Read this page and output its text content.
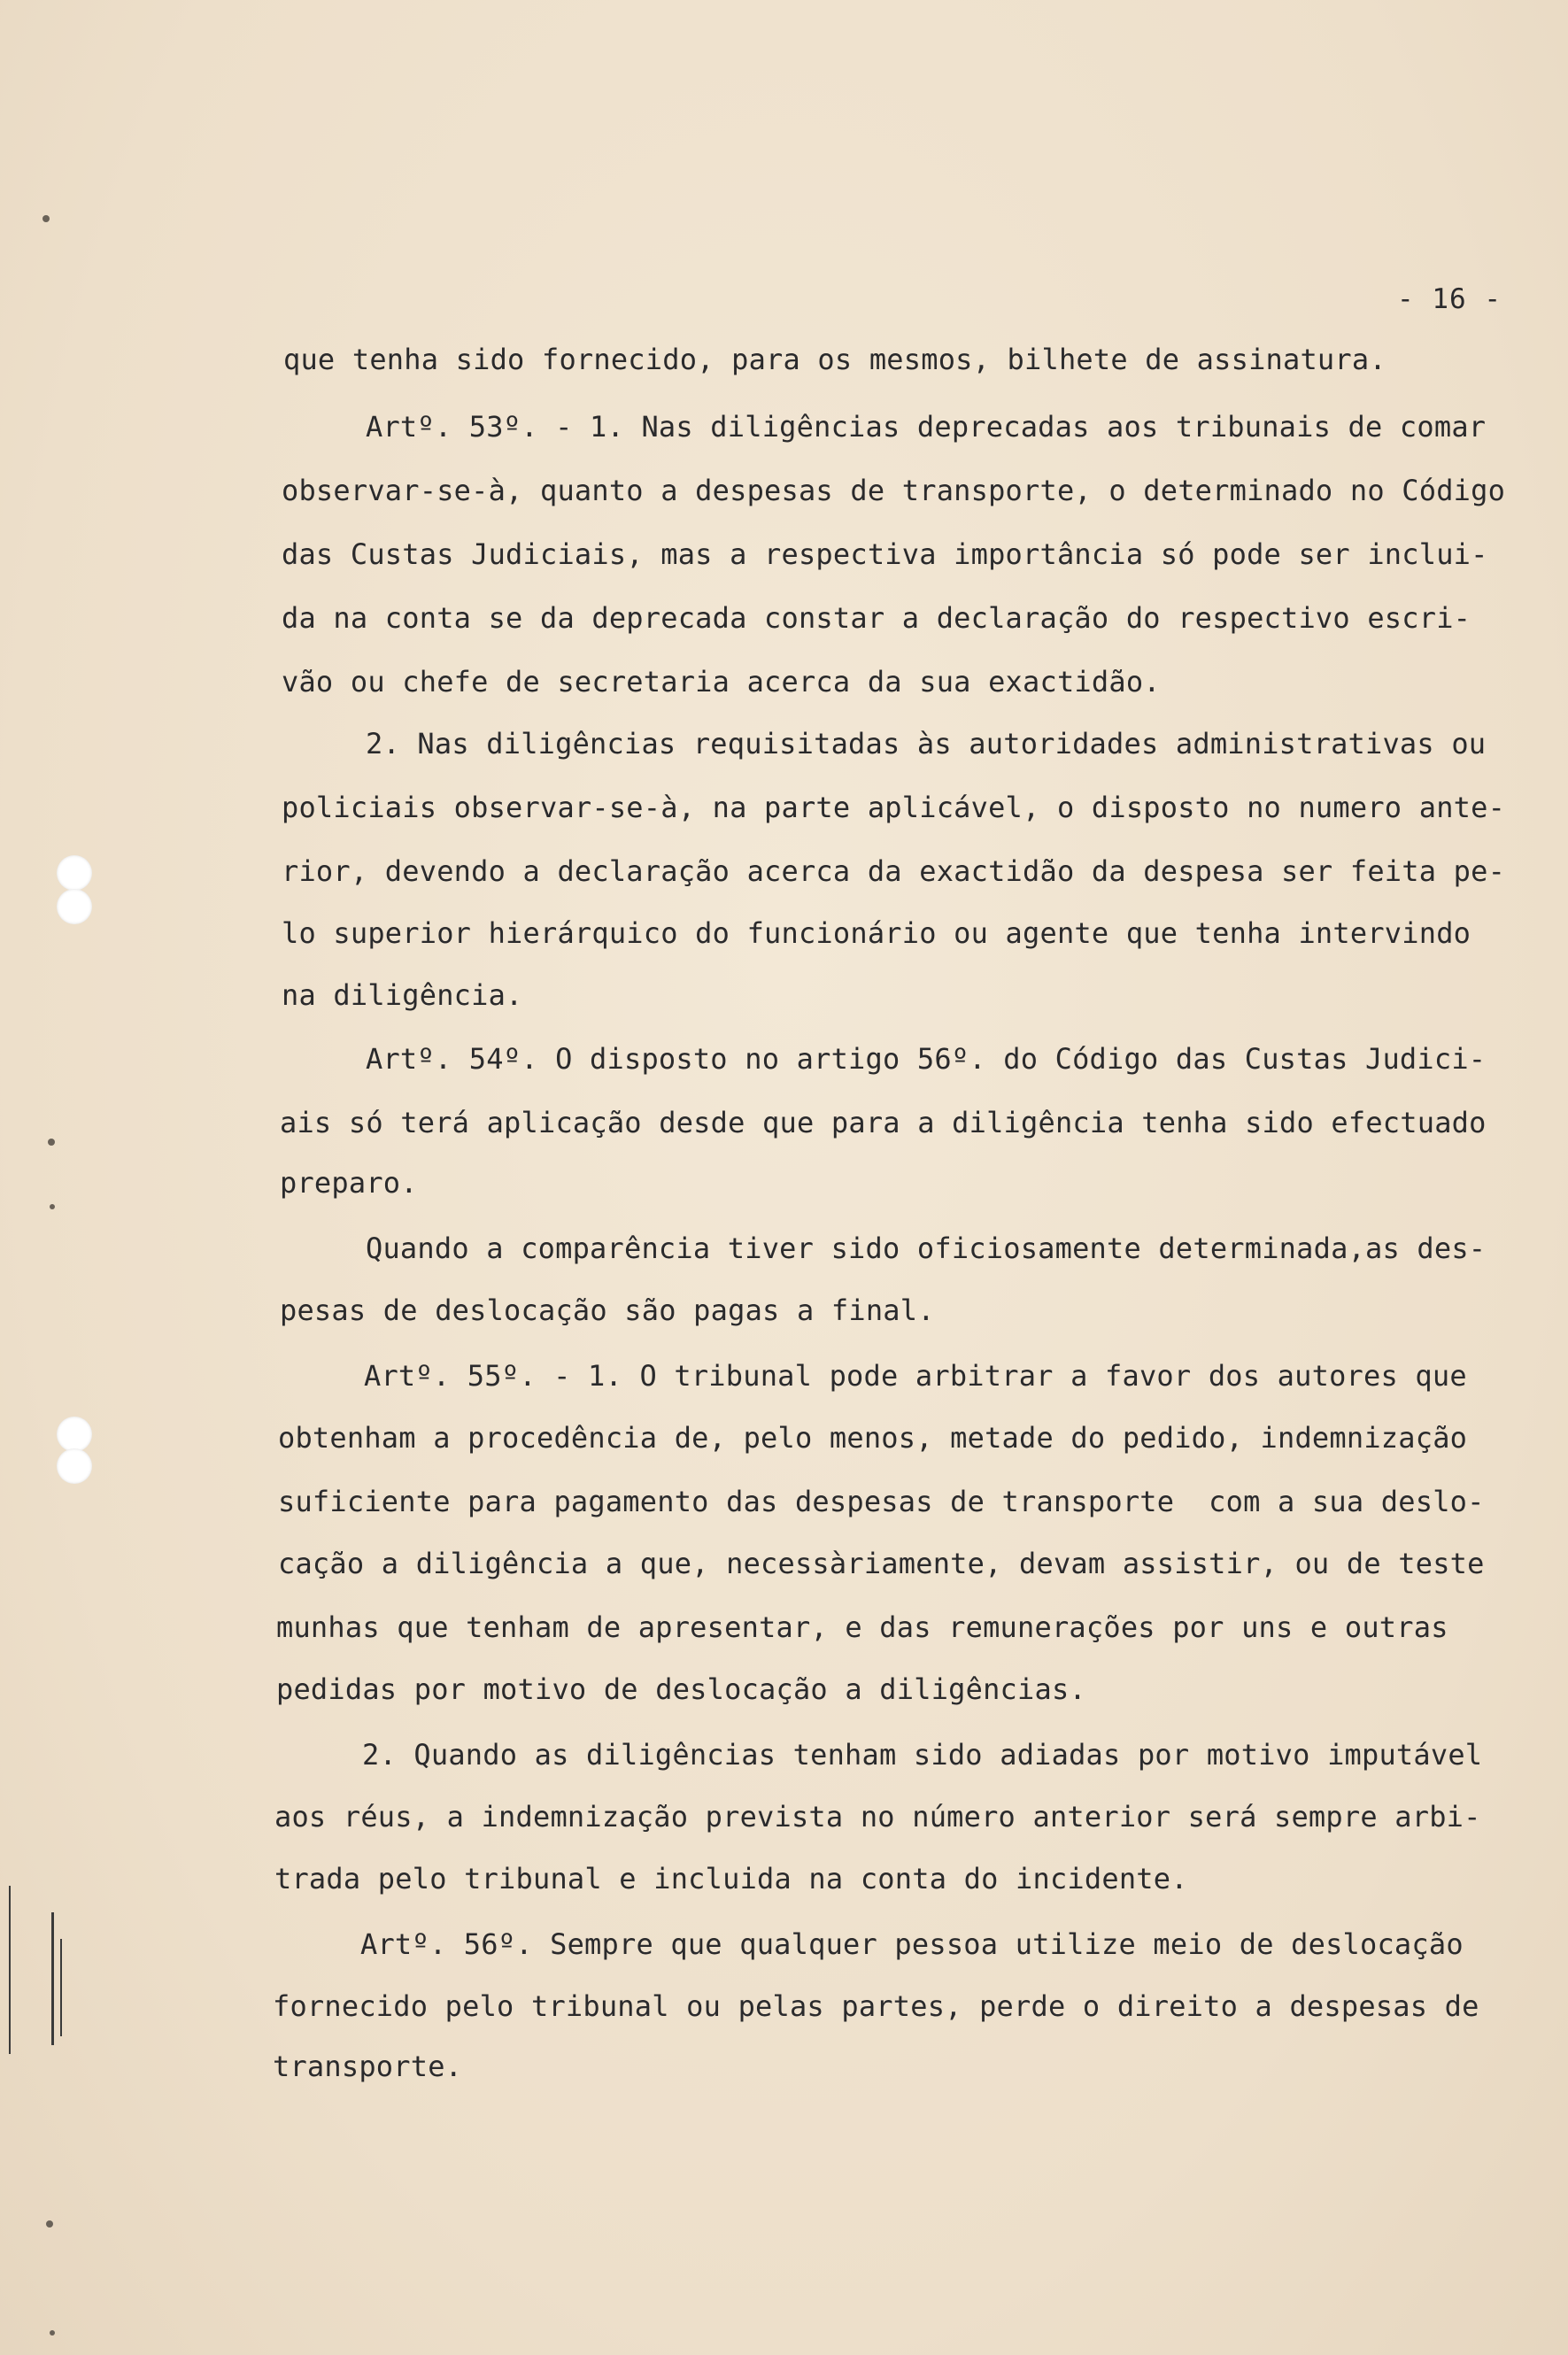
- 16 -
que tenha sido fornecido, para os mesmos, bilhete de assinatura.
Artº. 53º. - 1. Nas diligências deprecadas aos tribunais de comar
observar-se-à, quanto a despesas de transporte, o determinado no Código
das Custas Judiciais, mas a respectiva importância só pode ser inclui-
da na conta se da deprecada constar a declaração do respectivo escri-
vão ou chefe de secretaria acerca da sua exactidão.
2. Nas diligências requisitadas às autoridades administrativas ou
policiais observar-se-à, na parte aplicável, o disposto no numero ante-
rior, devendo a declaração acerca da exactidão da despesa ser feita pe-
lo superior hierárquico do funcionário ou agente que tenha intervindo
na diligência.
Artº. 54º. O disposto no artigo 56º. do Código das Custas Judici-
ais só terá aplicação desde que para a diligência tenha sido efectuado
preparo.
Quando a comparência tiver sido oficiosamente determinada,as des-
pesas de deslocação são pagas a final.
Artº. 55º. - 1. O tribunal pode arbitrar a favor dos autores que
obtenham a procedência de, pelo menos, metade do pedido, indemnização
suficiente para pagamento das despesas de transporte  com a sua deslo-
cação a diligência a que, necessàriamente, devam assistir, ou de teste
munhas que tenham de apresentar, e das remunerações por uns e outras
pedidas por motivo de deslocação a diligências.
2. Quando as diligências tenham sido adiadas por motivo imputável
aos réus, a indemnização prevista no número anterior será sempre arbi-
trada pelo tribunal e incluida na conta do incidente.
Artº. 56º. Sempre que qualquer pessoa utilize meio de deslocação
fornecido pelo tribunal ou pelas partes, perde o direito a despesas de
transporte.
